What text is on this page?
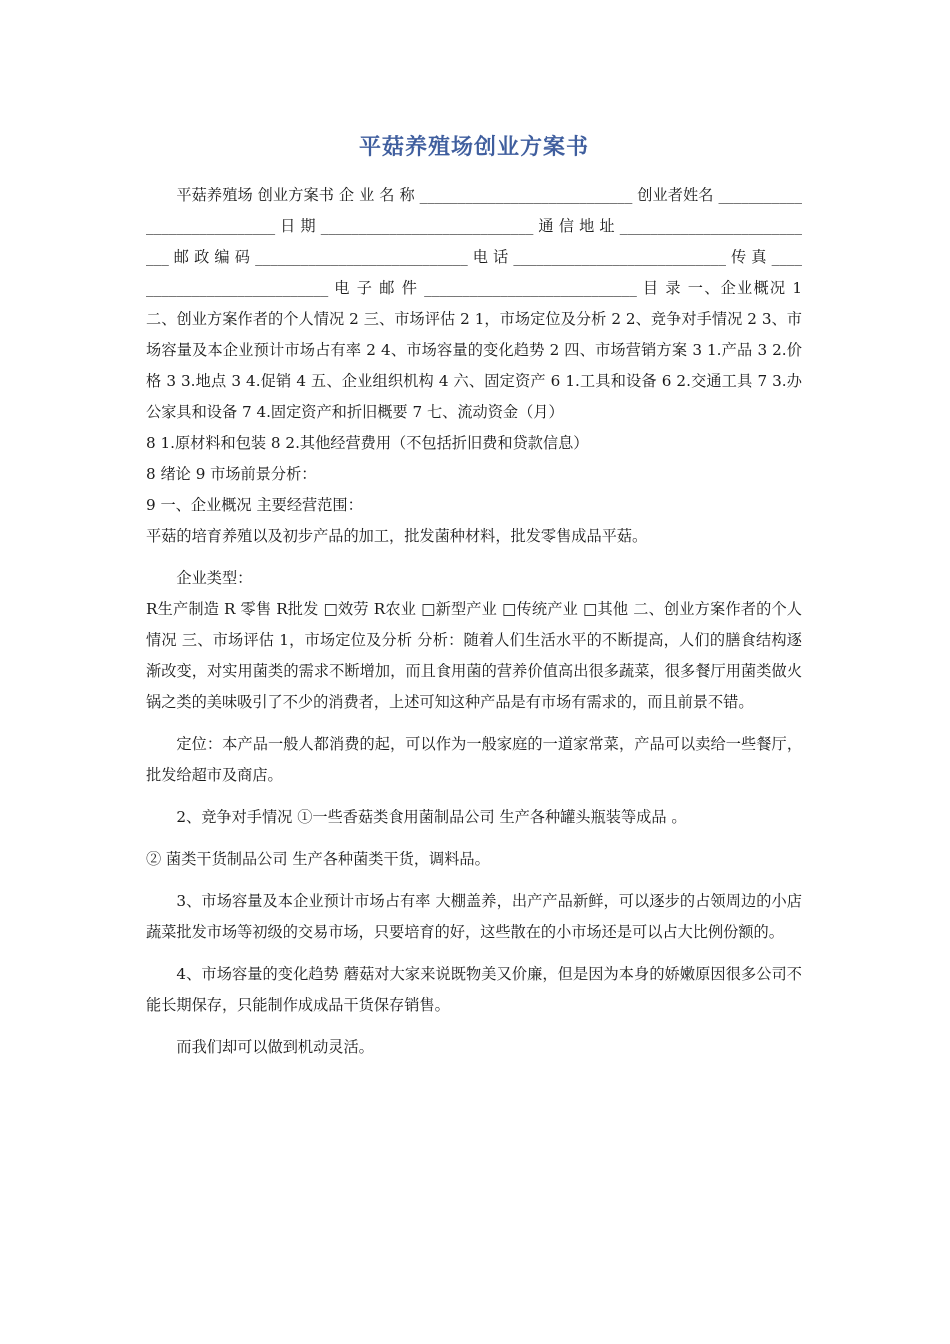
平菇养殖场创业方案书

平菇养殖场 创业方案书 企 业 名 称 ____________________________ 创业者姓名 ____________________________ 日 期 ____________________________ 通 信 地 址 ___________________________ 邮 政 编 码 ____________________________ 电 话 ____________________________ 传 真 ____________________________ 电 子 邮 件 ____________________________ 目 录 一、企业概况 1 二、创业方案作者的个人情况 2 三、市场评估 2 1，市场定位及分析 2 2、竞争对手情况 2 3、市场容量及本企业预计市场占有率 2 4、市场容量的变化趋势 2 四、市场营销方案 3 1.产品 3 2.价格 3 3.地点 3 4.促销 4 五、企业组织机构 4 六、固定资产 6 1.工具和设备 6 2.交通工具 7 3.办公家具和设备 7 4.固定资产和折旧概要 7 七、流动资金（月）

8 1.原材料和包装 8 2.其他经营费用（不包括折旧费和贷款信息）

8 绪论 9 市场前景分析：

9 一、企业概况 主要经营范围：

平菇的培育养殖以及初步产品的加工，批发菌种材料，批发零售成品平菇。

企业类型：

R生产制造 R 零售 R批发 □效劳 R农业 □新型产业 □传统产业 □其他 二、创业方案作者的个人情况 三、市场评估 1，市场定位及分析 分析：随着人们生活水平的不断提高，人们的膳食结构逐渐改变，对实用菌类的需求不断增加，而且食用菌的营养价值高出很多蔬菜，很多餐厅用菌类做火锅之类的美味吸引了不少的消费者，上述可知这种产品是有市场有需求的，而且前景不错。

定位：本产品一般人都消费的起，可以作为一般家庭的一道家常菜，产品可以卖给一些餐厅，批发给超市及商店。

2、竞争对手情况 ①一些香菇类食用菌制品公司 生产各种罐头瓶装等成品 。

② 菌类干货制品公司 生产各种菌类干货，调料品。

3、市场容量及本企业预计市场占有率 大棚盖养，出产产品新鲜，可以逐步的占领周边的小店蔬菜批发市场等初级的交易市场，只要培育的好，这些散在的小市场还是可以占大比例份额的。

4、市场容量的变化趋势 蘑菇对大家来说既物美又价廉，但是因为本身的娇嫩原因很多公司不能长期保存，只能制作成成品干货保存销售。

而我们却可以做到机动灵活。
